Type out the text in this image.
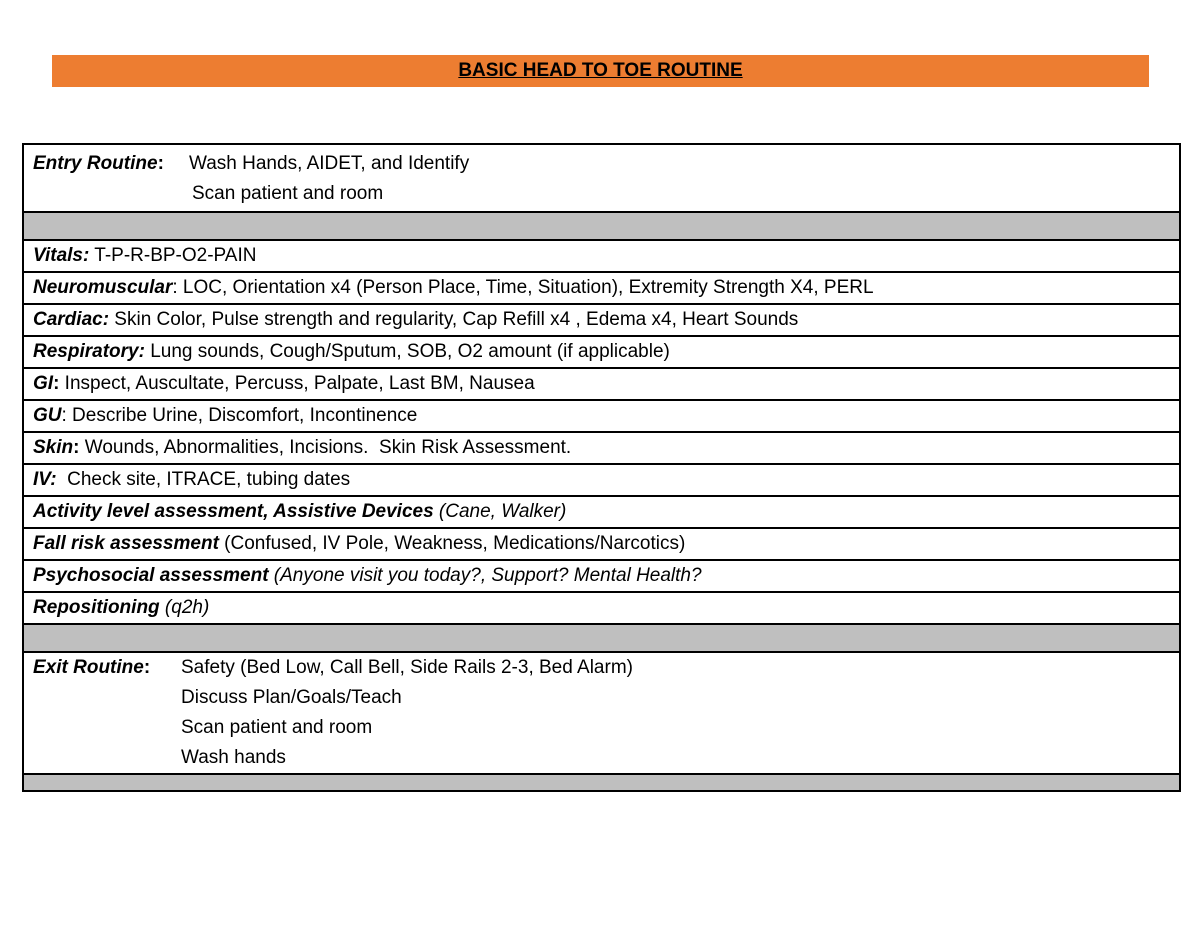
BASIC HEAD TO TOE ROUTINE
Entry Routine:	Wash Hands, AIDET, and Identify
Scan patient and room

Vitals: T-P-R-BP-O2-PAIN
Neuromuscular: LOC, Orientation x4 (Person Place, Time, Situation), Extremity Strength X4, PERL
Cardiac: Skin Color, Pulse strength and regularity, Cap Refill x4 , Edema x4, Heart Sounds
Respiratory: Lung sounds, Cough/Sputum, SOB, O2 amount (if applicable)
GI: Inspect, Auscultate, Percuss, Palpate, Last BM, Nausea
GU: Describe Urine, Discomfort, Incontinence
Skin: Wounds, Abnormalities, Incisions.  Skin Risk Assessment.
IV:  Check site, ITRACE, tubing dates
Activity level assessment, Assistive Devices (Cane, Walker)
Fall risk assessment (Confused, IV Pole, Weakness, Medications/Narcotics)
Psychosocial assessment (Anyone visit you today?, Support? Mental Health?
Repositioning (q2h)

Exit Routine:	Safety (Bed Low, Call Bell, Side Rails 2-3, Bed Alarm)
Discuss Plan/Goals/Teach
Scan patient and room
Wash hands
